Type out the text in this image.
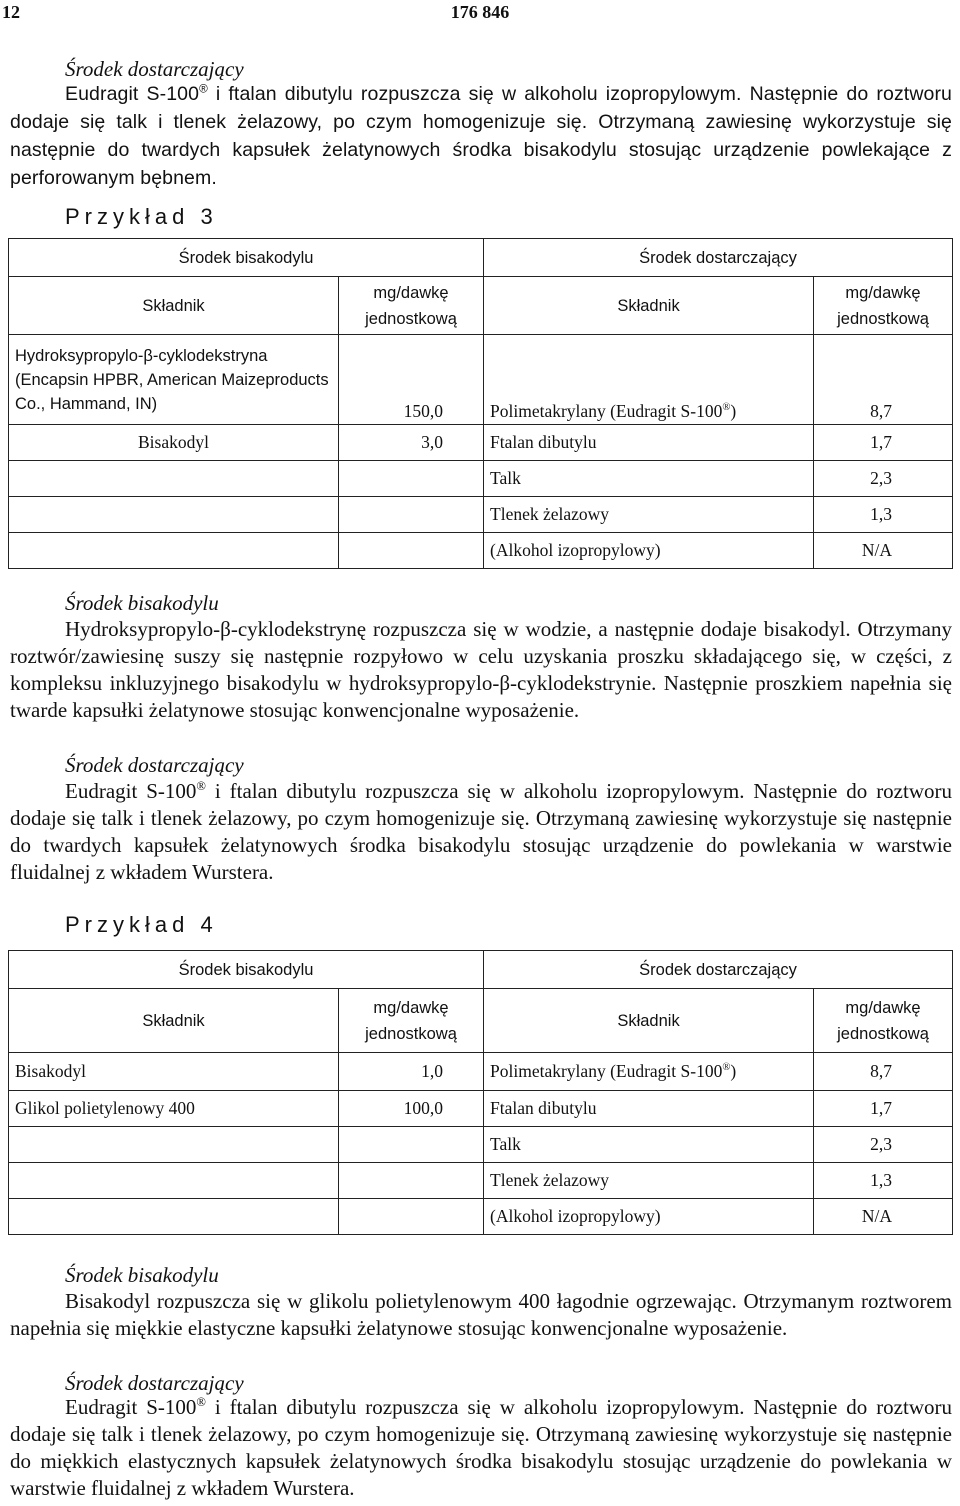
12	176 846
Środek dostarczający

Eudragit S-100® i ftalan dibutylu rozpuszcza się w alkoholu izopropylowym. Następnie do roztworu dodaje się talk i tlenek żelazowy, po czym homogenizuje się. Otrzymaną zawiesinę wykorzystuje się następnie do twardych kapsułek żelatynowych środka bisakodylu stosując urządzenie powlekające z perforowanym bębnem.

Przykład 3
Środek bisakodylu		Środek dostarczający	
Składnik	mg/dawkę jednostkową	Składnik	mg/dawkę jednostkową
Hydroksypropylo-β-cyklodekstryna (Encapsin HPBR, American Maizeproducts Co., Hammand, IN)	150,0	Polimetakrylany (Eudragit S-100®)	8,7
Bisakodyl	3,0	Ftalan dibutylu	1,7
		Talk	2,3
		Tlenek żelazowy	1,3
		(Alkohol izopropylowy)	N/A
Środek bisakodylu

Hydroksypropylo-β-cyklodekstrynę rozpuszcza się w wodzie, a następnie dodaje bisakodyl. Otrzymany roztwór/zawiesinę suszy się następnie rozpyłowo w celu uzyskania proszku składającego się, w części, z kompleksu inkluzyjnego bisakodylu w hydroksypropylo-β-cyklodekstrynie. Następnie proszkiem napełnia się twarde kapsułki żelatynowe stosując konwencjonalne wyposażenie.

Środek dostarczający

Eudragit S-100® i ftalan dibutylu rozpuszcza się w alkoholu izopropylowym. Następnie do roztworu dodaje się talk i tlenek żelazowy, po czym homogenizuje się. Otrzymaną zawiesinę wykorzystuje się następnie do twardych kapsułek żelatynowych środka bisakodylu stosując urządzenie do powlekania w warstwie fluidalnej z wkładem Wurstera.

Przykład 4
Środek bisakodylu		Środek dostarczający	
Składnik	mg/dawkę jednostkową	Składnik	mg/dawkę jednostkową
Bisakodyl	1,0	Polimetakrylany (Eudragit S-100®)	8,7
Glikol polietylenowy 400	100,0	Ftalan dibutylu	1,7
		Talk	2,3
		Tlenek żelazowy	1,3
		(Alkohol izopropylowy)	N/A
Środek bisakodylu

Bisakodyl rozpuszcza się w glikolu polietylenowym 400 łagodnie ogrzewając. Otrzymanym roztworem napełnia się miękkie elastyczne kapsułki żelatynowe stosując konwencjonalne wyposażenie.

Środek dostarczający

Eudragit S-100® i ftalan dibutylu rozpuszcza się w alkoholu izopropylowym. Następnie do roztworu dodaje się talk i tlenek żelazowy, po czym homogenizuje się. Otrzymaną zawiesinę wykorzystuje się następnie do miękkich elastycznych kapsułek żelatynowych środka bisakodylu stosując urządzenie do powlekania w warstwie fluidalnej z wkładem Wurstera.
